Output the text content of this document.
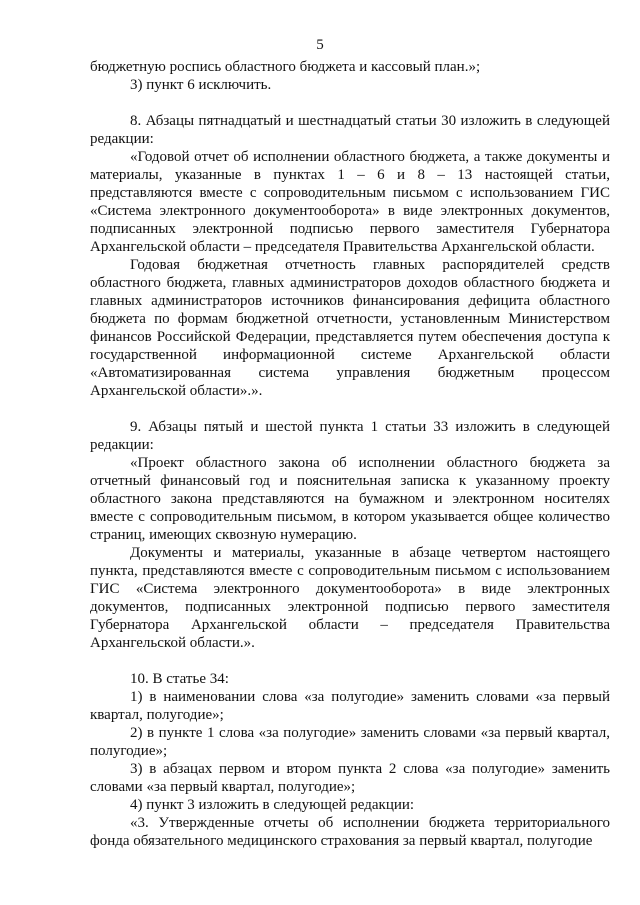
5

бюджетную роспись областного бюджета и кассовый план.»;

3) пункт 6 исключить.

8. Абзацы пятнадцатый и шестнадцатый статьи 30 изложить в следующей редакции:

«Годовой отчет об исполнении областного бюджета, а также документы и материалы, указанные в пунктах 1 – 6 и 8 – 13 настоящей статьи, представляются вместе с сопроводительным письмом с использованием ГИС «Система электронного документооборота» в виде электронных документов, подписанных электронной подписью первого заместителя Губернатора Архангельской области – председателя Правительства Архангельской области.

Годовая бюджетная отчетность главных распорядителей средств областного бюджета, главных администраторов доходов областного бюджета и главных администраторов источников финансирования дефицита областного бюджета по формам бюджетной отчетности, установленным Министерством финансов Российской Федерации, представляется путем обеспечения доступа к государственной информационной системе Архангельской области «Автоматизированная система управления бюджетным процессом Архангельской области».».

9. Абзацы пятый и шестой пункта 1 статьи 33 изложить в следующей редакции:

«Проект областного закона об исполнении областного бюджета за отчетный финансовый год и пояснительная записка к указанному проекту областного закона представляются на бумажном и электронном носителях вместе с сопроводительным письмом, в котором указывается общее количество страниц, имеющих сквозную нумерацию.

Документы и материалы, указанные в абзаце четвертом настоящего пункта, представляются вместе с сопроводительным письмом с использованием ГИС «Система электронного документооборота» в виде электронных документов, подписанных электронной подписью первого заместителя Губернатора Архангельской области – председателя Правительства Архангельской области.».

10. В статье 34:

1) в наименовании слова «за полугодие» заменить словами «за первый квартал, полугодие»;

2) в пункте 1 слова «за полугодие» заменить словами «за первый квартал, полугодие»;

3) в абзацах первом и втором пункта 2 слова «за полугодие» заменить словами «за первый квартал, полугодие»;

4) пункт 3 изложить в следующей редакции:

«3. Утвержденные отчеты об исполнении бюджета территориального фонда обязательного медицинского страхования за первый квартал, полугодие
